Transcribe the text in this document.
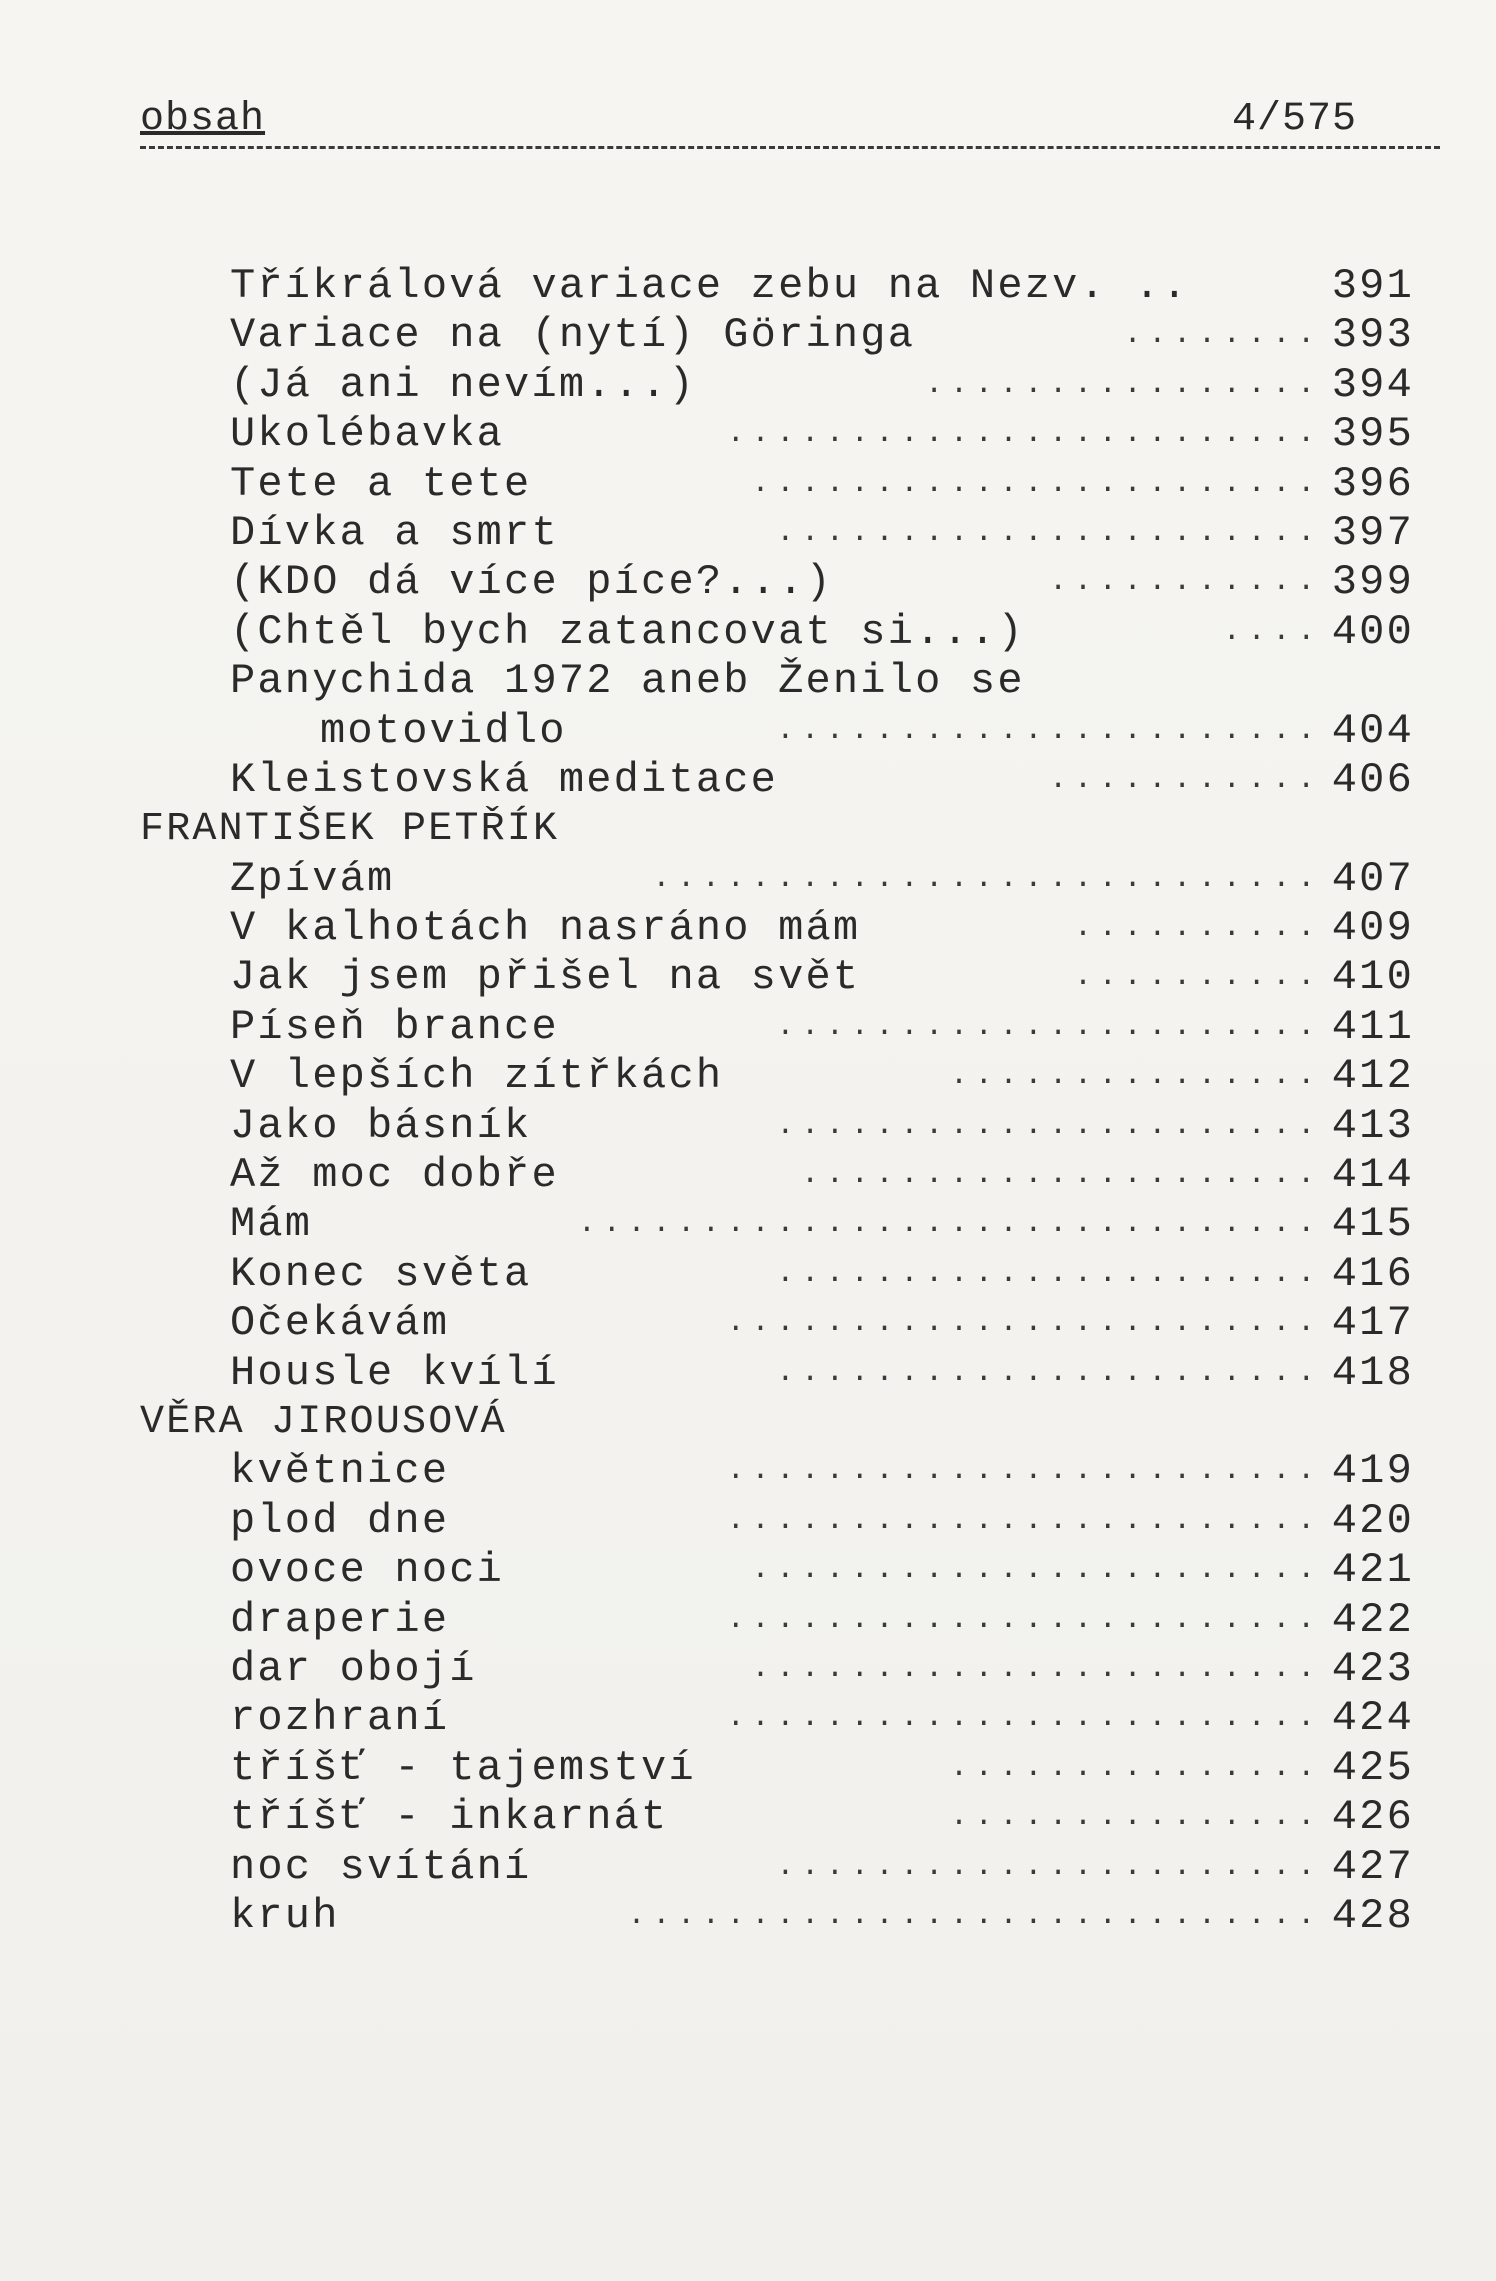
obsah	4/575
Tříkrálová variace zebu na Nezv. ..	391
Variace na (nytí) Göringa	........ 393
(Já ani nevím...)	................ 394
Ukolébavka	........................ 395
Tete a tete	....................... 396
Dívka a smrt	...................... 397
(KDO dá více píce?...)	........... 399
(Chtěl bych zatancovat si...)	.... 400
Panychida 1972 aneb Ženilo se
motovidlo	...................... 404
Kleistovská meditace	........... 406
FRANTIŠEK PETŘÍK
Zpívám	........................... 407
V kalhotách nasráno mám	.......... 409
Jak jsem přišel na svět	.......... 410
Píseň brance	...................... 411
V lepších zítřkách	............... 412
Jako básník	...................... 413
Až moc dobře	..................... 414
Mám	.............................. 415
Konec světa	...................... 416
Očekávám	........................ 417
Housle kvílí	...................... 418
VĚRA JIROUSOVÁ
květnice	........................ 419
plod dne	........................ 420
ovoce noci	....................... 421
draperie	........................ 422
dar obojí	....................... 423
rozhraní	........................ 424
tříšť - tajemství	............... 425
tříšť - inkarnát	............... 426
noc svítání	...................... 427
kruh	............................ 428
